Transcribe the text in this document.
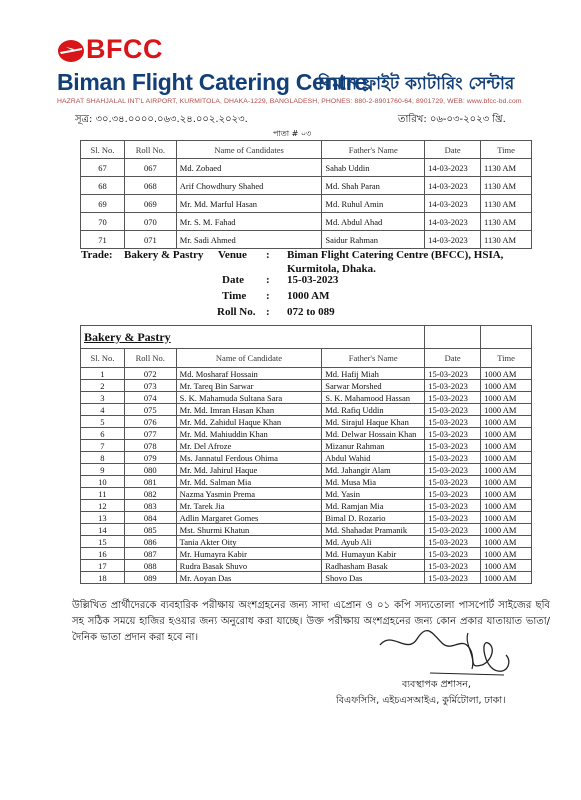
BFCC
Biman Flight Catering Centre
বিমান ফ্লাইট ক্যাটারিং সেন্টার
HAZRAT SHAHJALAL INT'L AIRPORT, KURMITOLA, DHAKA-1229, BANGLADESH, PHONES: 880-2-8901760-64, 8901729, WEB: www.bfcc-bd.com
সূত্র: ৩০.৩৪.০০০০.০৬৩.২৪.০০২.২০২৩.	তারিখ: ০৬-০৩-২০২৩ খ্রি.
পাতা # ০৩
Sl. No.	Roll No.	Name of Candidates	Father's Name	Date	Time
67	067	Md. Zobaed	Sahab Uddin	14-03-2023	1130 AM
68	068	Arif Chowdhury Shahed	Md. Shah Paran	14-03-2023	1130 AM
69	069	Mr. Md. Marful Hasan	Md. Ruhul Amin	14-03-2023	1130 AM
70	070	Mr. S. M. Fahad	Md. Abdul Ahad	14-03-2023	1130 AM
71	071	Mr. Sadi Ahmed	Saidur Rahman	14-03-2023	1130 AM
Trade: Bakery & Pastry Venue : Biman Flight Catering Centre (BFCC), HSIA,
Kurmitola, Dhaka.
Date : 15-03-2023
Time : 1000 AM
Roll No. : 072 to 089
Bakery & Pastry					
Sl. No.	Roll No.	Name of Candidate	Father's Name	Date	Time
1	072	Md. Mosharaf Hossain	Md. Hafij Miah	15-03-2023	1000 AM
2	073	Mr. Tareq Bin Sarwar	Sarwar Morshed	15-03-2023	1000 AM
3	074	S. K. Mahamuda Sultana Sara	S. K. Mahamood Hassan	15-03-2023	1000 AM
4	075	Mr. Md. Imran Hasan Khan	Md. Rafiq Uddin	15-03-2023	1000 AM
5	076	Mr. Md. Zahidul Haque Khan	Md. Sirajul Haque Khan	15-03-2023	1000 AM
6	077	Mr. Md. Mahiuddin Khan	Md. Delwar Hossain Khan	15-03-2023	1000 AM
7	078	Mr. Del Afroze	Mizanur Rahman	15-03-2023	1000 AM
8	079	Ms. Jannatul Ferdous Ohima	Abdul Wahid	15-03-2023	1000 AM
9	080	Mr. Md. Jahirul Haque	Md. Jahangir Alam	15-03-2023	1000 AM
10	081	Mr. Md. Salman Mia	Md. Musa Mia	15-03-2023	1000 AM
11	082	Nazma Yasmin Prema	Md. Yasin	15-03-2023	1000 AM
12	083	Mr. Tarek Jia	Md. Ramjan Mia	15-03-2023	1000 AM
13	084	Adlin Margaret Gomes	Bimal D. Rozario	15-03-2023	1000 AM
14	085	Mst. Shurmi Khatun	Md. Shahadat Pramanik	15-03-2023	1000 AM
15	086	Tania Akter Oity	Md. Ayub Ali	15-03-2023	1000 AM
16	087	Mr. Humayra Kabir	Md. Humayun Kabir	15-03-2023	1000 AM
17	088	Rudra Basak Shuvo	Radhasham Basak	15-03-2023	1000 AM
18	089	Mr. Aoyan Das	Shovo Das	15-03-2023	1000 AM
উল্লিখিত প্রার্থীদেরকে ব্যবহারিক পরীক্ষায় অংশগ্রহনের জন্য সাদা এপ্রোন ও ০১ কপি সদ্যতোলা পাসপোর্ট সাইজের ছবি সহ সঠিক সময়ে হাজির হওয়ার জন্য অনুরোধ করা যাচ্ছে। উক্ত পরীক্ষায় অংশগ্রহনের জন্য কোন প্রকার যাতায়াত ভাতা/দৈনিক ভাতা প্রদান করা হবে না।
ব্যবস্থাপক প্রশাসন,
বিএফসিসি, এইচএসআইএ, কুর্মিটোলা, ঢাকা।
